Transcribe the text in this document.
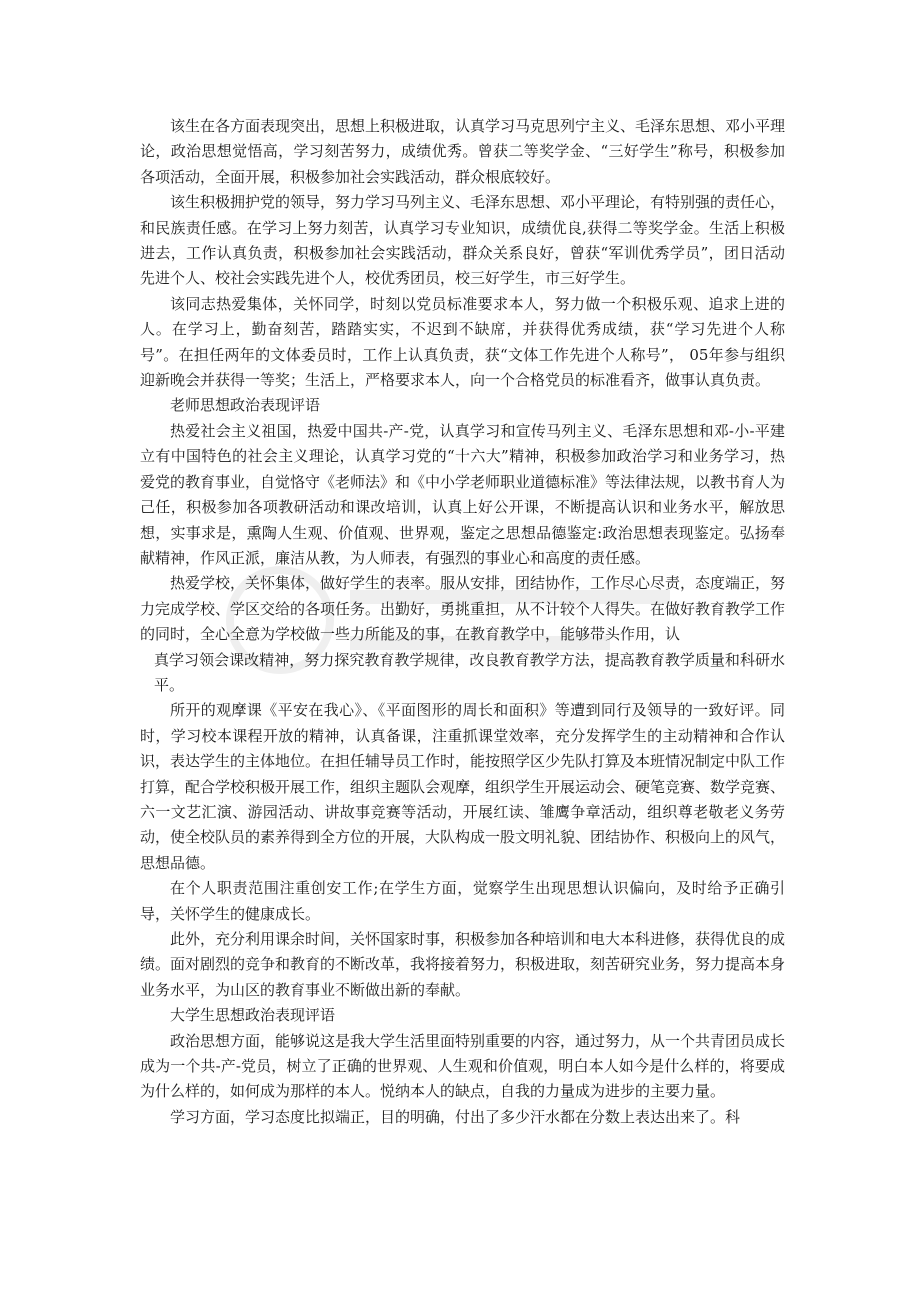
该生在各方面表现突出，思想上积极进取，认真学习马克思列宁主义、毛泽东思想、邓小平理论，政治思想觉悟高，学习刻苦努力，成绩优秀。曾获二等奖学金、“三好学生”称号，积极参加各项活动，全面开展，积极参加社会实践活动，群众根底较好。

该生积极拥护党的领导，努力学习马列主义、毛泽东思想、邓小平理论，有特别强的责任心，和民族责任感。在学习上努力刻苦，认真学习专业知识，成绩优良,获得二等奖学金。生活上积极进去，工作认真负责，积极参加社会实践活动，群众关系良好，曾获“军训优秀学员”，团日活动先进个人、校社会实践先进个人，校优秀团员，校三好学生，市三好学生。

该同志热爱集体，关怀同学，时刻以党员标准要求本人，努力做一个积极乐观、追求上进的人。在学习上，勤奋刻苦，踏踏实实，不迟到不缺席，并获得优秀成绩，获“学习先进个人称号”。在担任两年的文体委员时，工作上认真负责，获“文体工作先进个人称号”， 05年参与组织迎新晚会并获得一等奖；生活上，严格要求本人，向一个合格党员的标准看齐，做事认真负责。

老师思想政治表现评语

热爱社会主义祖国，热爱中国共-产-党，认真学习和宣传马列主义、毛泽东思想和邓-小-平建立有中国特色的社会主义理论，认真学习党的“十六大”精神，积极参加政治学习和业务学习，热爱党的教育事业，自觉恪守《老师法》和《中小学老师职业道德标准》等法律法规，以教书育人为己任，积极参加各项教研活动和课改培训，认真上好公开课，不断提高认识和业务水平，解放思想，实事求是，熏陶人生观、价值观、世界观，鉴定之思想品德鉴定:政治思想表现鉴定。弘扬奉献精神，作风正派，廉洁从教，为人师表，有强烈的事业心和高度的责任感。

热爱学校，关怀集体，做好学生的表率。服从安排，团结协作，工作尽心尽责，态度端正，努力完成学校、学区交给的各项任务。出勤好，勇挑重担，从不计较个人得失。在做好教育教学工作的同时，全心全意为学校做一些力所能及的事，在教育教学中，能够带头作用，认

真学习领会课改精神，努力探究教育教学规律，改良教育教学方法，提高教育教学质量和科研水平。

所开的观摩课《平安在我心》、《平面图形的周长和面积》等遭到同行及领导的一致好评。同时，学习校本课程开放的精神，认真备课，注重抓课堂效率，充分发挥学生的主动精神和合作认识，表达学生的主体地位。在担任辅导员工作时，能按照学区少先队打算及本班情况制定中队工作打算，配合学校积极开展工作，组织主题队会观摩，组织学生开展运动会、硬笔竞赛、数学竞赛、六一文艺汇演、游园活动、讲故事竞赛等活动，开展红读、雏鹰争章活动，组织尊老敬老义务劳动，使全校队员的素养得到全方位的开展，大队构成一股文明礼貌、团结协作、积极向上的风气，思想品德。

在个人职责范围注重创安工作;在学生方面，觉察学生出现思想认识偏向，及时给予正确引导，关怀学生的健康成长。

此外，充分利用课余时间，关怀国家时事，积极参加各种培训和电大本科进修，获得优良的成绩。面对剧烈的竞争和教育的不断改革，我将接着努力，积极进取，刻苦研究业务，努力提高本身业务水平，为山区的教育事业不断做出新的奉献。

大学生思想政治表现评语

政治思想方面，能够说这是我大学生活里面特别重要的内容，通过努力，从一个共青团员成长成为一个共-产-党员，树立了正确的世界观、人生观和价值观，明白本人如今是什么样的，将要成为什么样的，如何成为那样的本人。悦纳本人的缺点，自我的力量成为进步的主要力量。

学习方面，学习态度比拟端正，目的明确，付出了多少汗水都在分数上表达出来了。科
